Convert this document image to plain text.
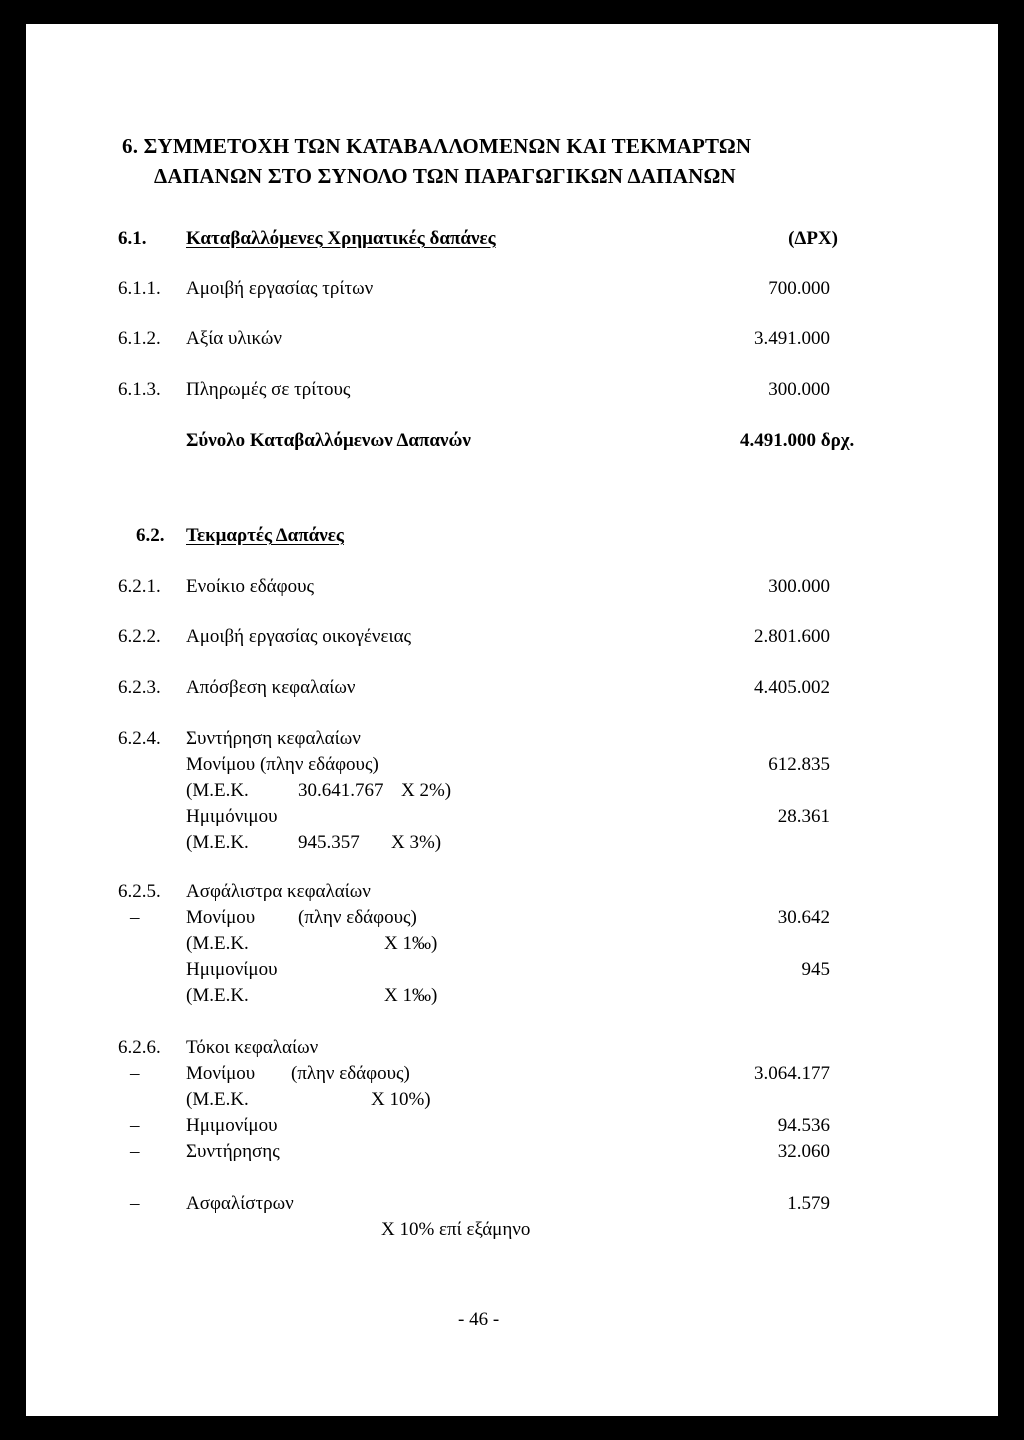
6. ΣΥΜΜΕΤΟΧΗ ΤΩΝ ΚΑΤΑΒΑΛΛΟΜΕΝΩΝ ΚΑΙ ΤΕΚΜΑΡΤΩΝ
ΔΑΠΑΝΩΝ ΣΤΟ ΣΥΝΟΛΟ ΤΩΝ ΠΑΡΑΓΩΓΙΚΩΝ ΔΑΠΑΝΩΝ
6.1. Καταβαλλόμενες Χρηματικές δαπάνες	(ΔΡΧ)
6.1.1. Αμοιβή εργασίας τρίτων	700.000
6.1.2. Αξία υλικών	3.491.000
6.1.3. Πληρωμές σε τρίτους	300.000
Σύνολο Καταβαλλόμενων Δαπανών	4.491.000 δρχ.
6.2. Τεκμαρτές Δαπάνες
6.2.1. Ενοίκιο εδάφους	300.000
6.2.2. Αμοιβή εργασίας οικογένειας	2.801.600
6.2.3. Απόσβεση κεφαλαίων	4.405.002
6.2.4. Συντήρηση κεφαλαίων
Μονίμου (πλην εδάφους)	612.835
(Μ.Ε.Κ.	30.641.767 Χ 2%)
Ημιμόνιμου	28.361
(Μ.Ε.Κ.	945.357 Χ 3%)
6.2.5. Ασφάλιστρα κεφαλαίων
– Μονίμου (πλην εδάφους)	30.642
(Μ.Ε.Κ.	Χ 1‰)
Ημιμονίμου	945
(Μ.Ε.Κ.	Χ 1‰)
6.2.6. Τόκοι κεφαλαίων
– Μονίμου (πλην εδάφους)	3.064.177
(Μ.Ε.Κ.	Χ 10%)
– Ημιμονίμου	94.536
– Συντήρησης	32.060
– Ασφαλίστρων	1.579
Χ 10% επί εξάμηνο
- 46 -
